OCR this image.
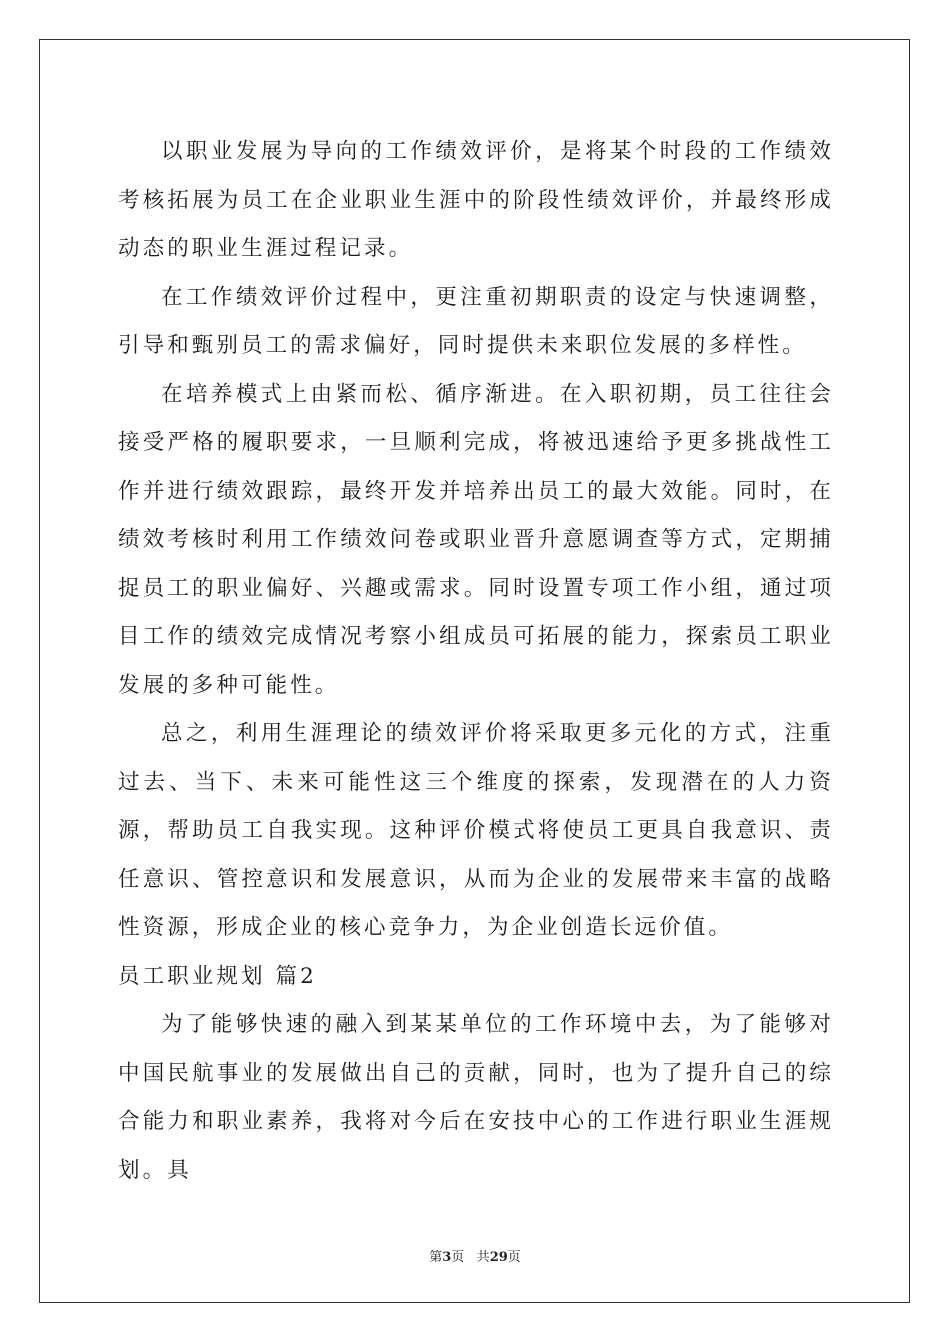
以职业发展为导向的工作绩效评价，是将某个时段的工作绩效考核拓展为员工在企业职业生涯中的阶段性绩效评价，并最终形成动态的职业生涯过程记录。

在工作绩效评价过程中，更注重初期职责的设定与快速调整，引导和甄别员工的需求偏好，同时提供未来职位发展的多样性。

在培养模式上由紧而松、循序渐进。在入职初期，员工往往会接受严格的履职要求，一旦顺利完成，将被迅速给予更多挑战性工作并进行绩效跟踪，最终开发并培养出员工的最大效能。同时，在绩效考核时利用工作绩效问卷或职业晋升意愿调查等方式，定期捕捉员工的职业偏好、兴趣或需求。同时设置专项工作小组，通过项目工作的绩效完成情况考察小组成员可拓展的能力，探索员工职业发展的多种可能性。

总之，利用生涯理论的绩效评价将采取更多元化的方式，注重过去、当下、未来可能性这三个维度的探索，发现潜在的人力资源，帮助员工自我实现。这种评价模式将使员工更具自我意识、责任意识、管控意识和发展意识，从而为企业的发展带来丰富的战略性资源，形成企业的核心竞争力，为企业创造长远价值。

员工职业规划 篇2

为了能够快速的融入到某某单位的工作环境中去，为了能够对中国民航事业的发展做出自己的贡献，同时，也为了提升自己的综合能力和职业素养，我将对今后在安技中心的工作进行职业生涯规划。具

第3页 共29页
